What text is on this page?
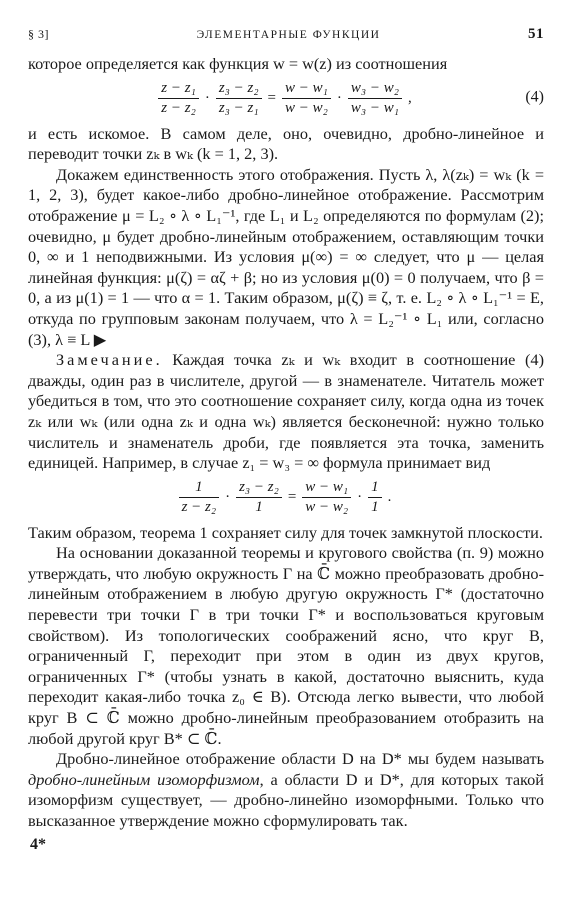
§ 3]	ЭЛЕМЕНТАРНЫЕ ФУНКЦИИ	51

которое определяется как функция w = w(z) из соотношения

$\frac{\text{z − z₁}}{\text{z − z₂}} \cdot \frac{\text{z₃ − z₂}}{\text{z₃ − z₁}} = \frac{\text{w − w₁}}{\text{w − w₂}} \cdot \frac{\text{w₃ − w₂}}{\text{w₃ − w₁}}$ ,	(4)

и есть искомое. В самом деле, оно, очевидно, дробно-линейное и переводит точки zₖ в wₖ (k = 1, 2, 3).

Докажем единственность этого отображения. Пусть λ, λ(zₖ) = wₖ (k = 1, 2, 3), будет какое-либо дробно-линейное отображение. Рассмотрим отображение μ = L₂ ∘ λ ∘ L₁⁻¹, где L₁ и L₂ определяются по формулам (2); очевидно, μ будет дробно-линейным отображением, оставляющим точки 0, ∞ и 1 неподвижными. Из условия μ(∞) = ∞ следует, что μ — целая линейная функция: μ(ζ) = αζ + β; но из условия μ(0) = 0 получаем, что β = 0, а из μ(1) = 1 — что α = 1. Таким образом, μ(ζ) ≡ ζ, т. е. L₂ ∘ λ ∘ L₁⁻¹ = E, откуда по групповым законам получаем, что λ = L₂⁻¹ ∘ L₁ или, согласно (3), λ ≡ L ▶

Замечание. Каждая точка zₖ и wₖ входит в соотношение (4) дважды, один раз в числителе, другой — в знаменателе. Читатель может убедиться в том, что это соотношение сохраняет силу, когда одна из точек zₖ или wₖ (или одна zₖ и одна wₖ) является бесконечной: нужно только числитель и знаменатель дроби, где появляется эта точка, заменить единицей. Например, в случае z₁ = w₃ = ∞ формула принимает вид

$\frac{1}{\text{z − z₂}} \cdot \frac{\text{z₃ − z₂}}{1} = \frac{\text{w − w₁}}{\text{w − w₂}} \cdot \frac{1}{1}$ .

Таким образом, теорема 1 сохраняет силу для точек замкнутой плоскости.

На основании доказанной теоремы и кругового свойства (п. 9) можно утверждать, что любую окружность Γ на ℂ̄ можно преобразовать дробно-линейным отображением в любую другую окружность Γ* (достаточно перевести три точки Γ в три точки Γ* и воспользоваться круговым свойством). Из топологических соображений ясно, что круг B, ограниченный Γ, переходит при этом в один из двух кругов, ограниченных Γ* (чтобы узнать в какой, достаточно выяснить, куда переходит какая-либо точка z₀ ∈ B). Отсюда легко вывести, что любой круг B ⊂ ℂ̄ можно дробно-линейным преобразованием отобразить на любой другой круг B* ⊂ ℂ̄.

Дробно-линейное отображение области D на D* мы будем называть дробно-линейным изоморфизмом, а области D и D*, для которых такой изоморфизм существует, — дробно-линейно изоморфными. Только что высказанное утверждение можно сформулировать так.

4*
